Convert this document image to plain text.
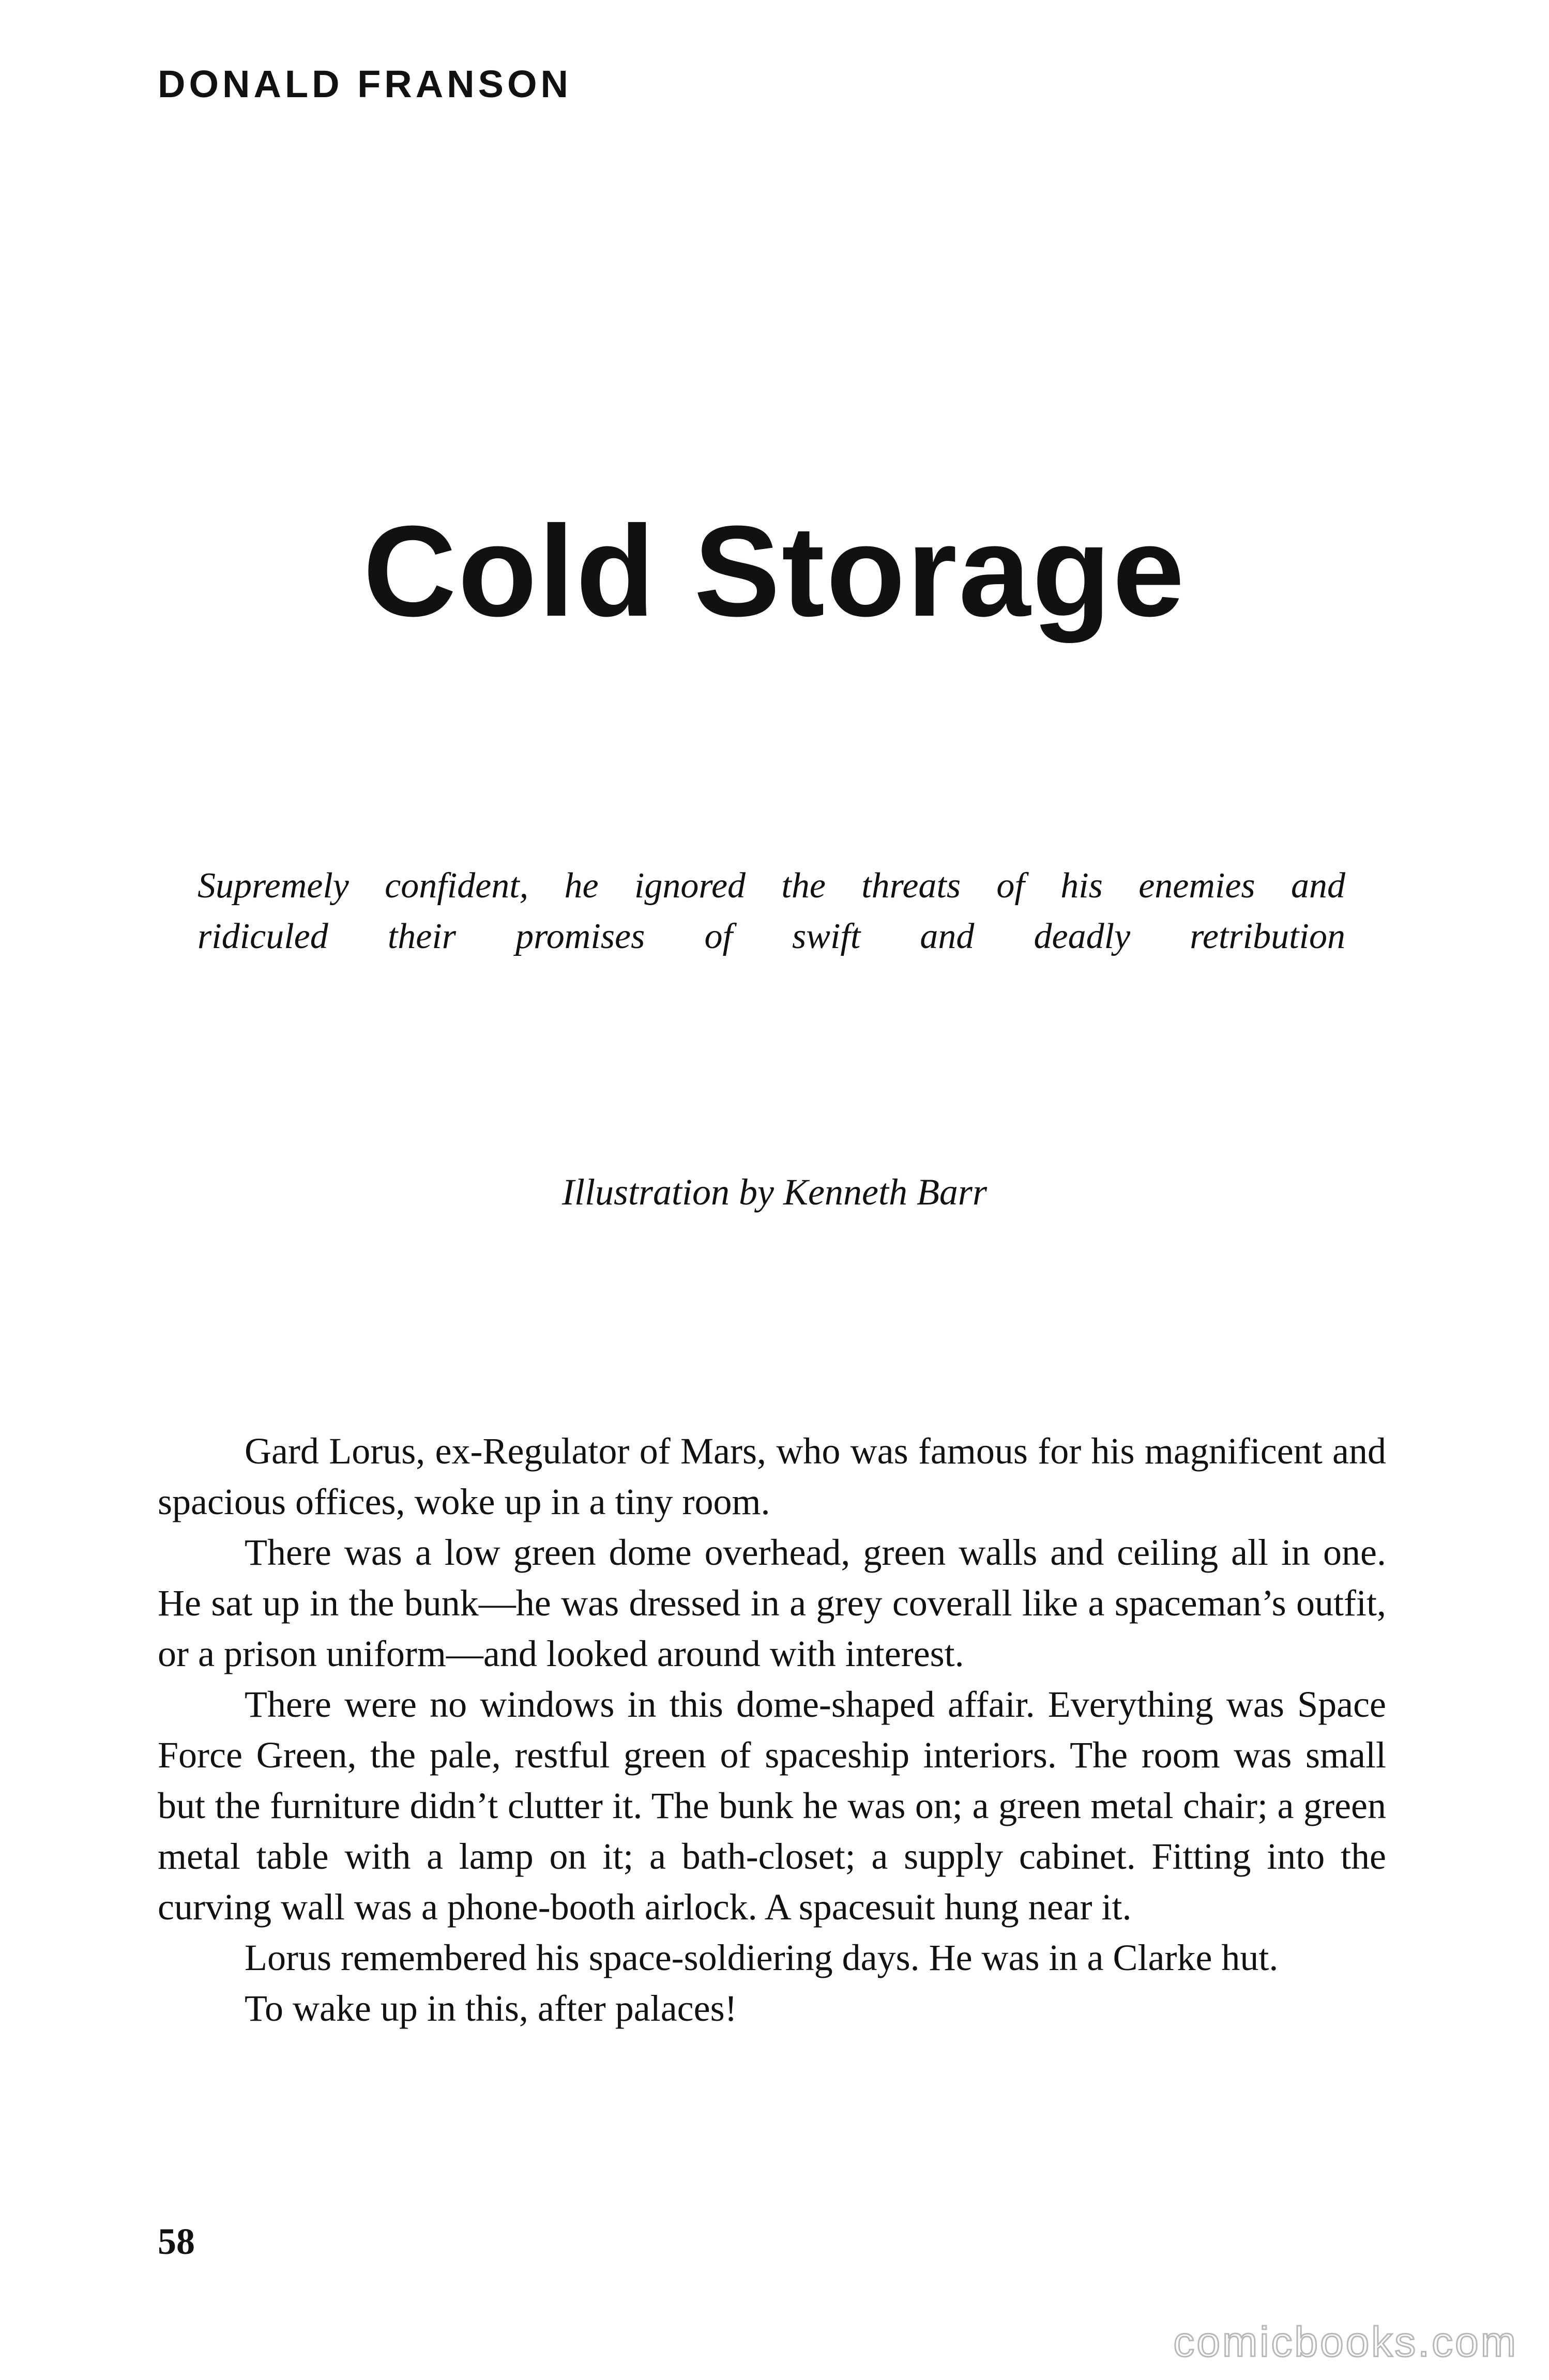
DONALD FRANSON
Cold Storage
Supremely confident, he ignored the threats of his enemies and
ridiculed their promises of swift and deadly retribution
Illustration by Kenneth Barr

Gard Lorus, ex-Regulator of Mars, who was famous for his magnificent and spacious offices, woke up in a tiny room.

There was a low green dome overhead, green walls and ceiling all in one. He sat up in the bunk—he was dressed in a grey coverall like a spaceman’s outfit, or a prison uniform—and looked around with interest.

There were no windows in this dome-shaped affair. Everything was Space Force Green, the pale, restful green of spaceship interiors. The room was small but the furniture didn’t clutter it. The bunk he was on; a green metal chair; a green metal table with a lamp on it; a bath-closet; a supply cabinet. Fitting into the curving wall was a phone-booth airlock. A spacesuit hung near it.

Lorus remembered his space-soldiering days. He was in a Clarke hut.

To wake up in this, after palaces!

58
comicbooks.com
